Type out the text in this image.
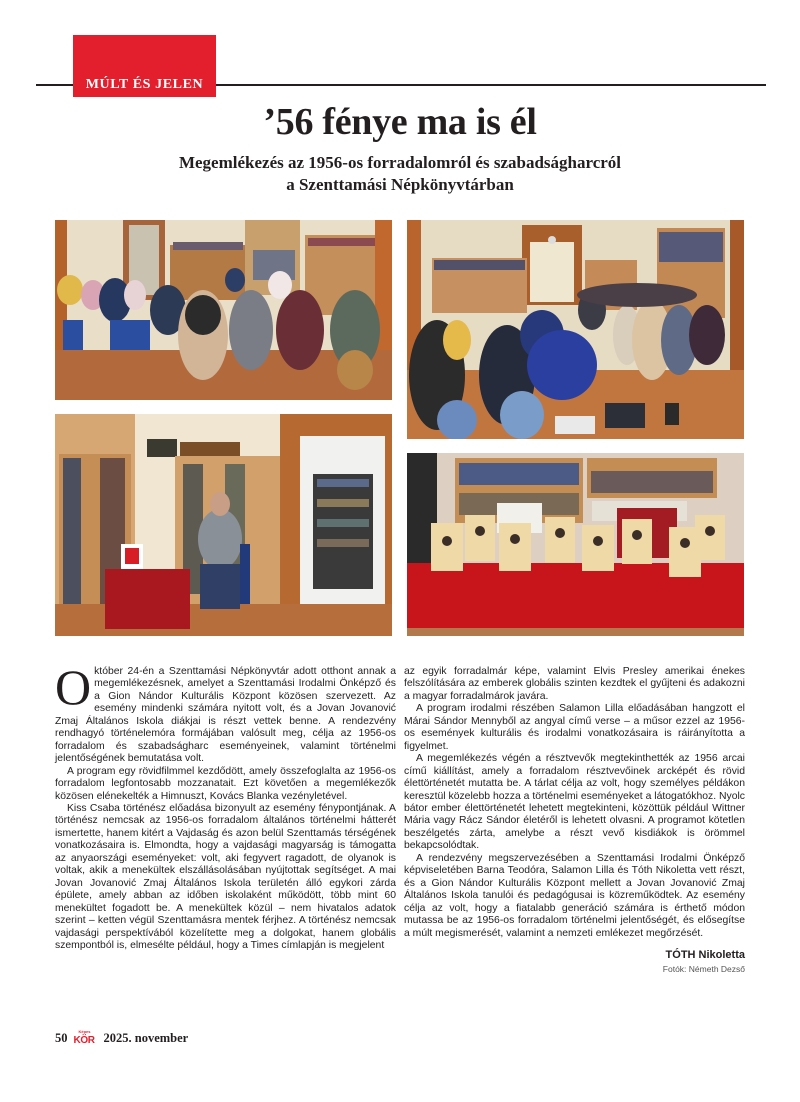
MÚLT ÉS JELEN
’56 fénye ma is él
Megemlékezés az 1956-os forradalomról és szabadságharcról
a Szenttamási Népkönyvtárban

Október 24-én a Szenttamási Népkönyvtár adott otthont annak a megemlékezésnek, amelyet a Szenttamási Irodalmi Önképző és a Gion Nándor Kulturális Központ közösen szervezett. Az esemény mindenki számára nyitott volt, és a Jovan Jovanović Zmaj Általános Iskola diákjai is részt vettek benne. A rendezvény rendhagyó történelemóra formájában valósult meg, célja az 1956-os forradalom és szabadságharc eseményeinek, valamint történelmi jelentőségének bemutatása volt.

A program egy rövidfilmmel kezdődött, amely összefoglalta az 1956-os forradalom legfontosabb mozzanatait. Ezt követően a megemlékezők közösen elénekelték a Himnuszt, Kovács Blanka vezényletével.

Kiss Csaba történész előadása bizonyult az esemény fénypontjának. A történész nemcsak az 1956-os forradalom általános történelmi hátterét ismertette, hanem kitért a Vajdaság és azon belül Szenttamás térségének vonatkozásaira is. Elmondta, hogy a vajdasági magyarság is támogatta az anyaországi eseményeket: volt, aki fegyvert ragadott, de olyanok is voltak, akik a menekültek elszállásolásában nyújtottak segítséget. A mai Jovan Jovanović Zmaj Általános Iskola területén álló egykori zárda épülete, amely abban az időben iskolaként működött, több mint 60 menekültet fogadott be. A menekültek közül – nem hivatalos adatok szerint – ketten végül Szenttamásra mentek férjhez. A történész nemcsak vajdasági perspektívából közelítette meg a dolgokat, hanem globális szempontból is, elmesélte például, hogy a Times címlapján is megjelent

az egyik forradalmár képe, valamint Elvis Presley amerikai énekes felszólítására az emberek globális szinten kezdtek el gyűjteni és adakozni a magyar forradalmárok javára.

A program irodalmi részében Salamon Lilla előadásában hangzott el Márai Sándor Mennyből az angyal című verse – a műsor ezzel az 1956-os események kulturális és irodalmi vonatkozásaira is ráirányította a figyelmet.

A megemlékezés végén a résztvevők megtekinthették az 1956 arcai című kiállítást, amely a forradalom résztvevőinek arcképét és rövid élettörténetét mutatta be. A tárlat célja az volt, hogy személyes példákon keresztül közelebb hozza a történelmi eseményeket a látogatókhoz. Nyolc bátor ember élettörténetét lehetett megtekinteni, közöttük például Wittner Mária vagy Rácz Sándor életéről is lehetett olvasni. A programot kötetlen beszélgetés zárta, amelybe a részt vevő kisdiákok is örömmel bekapcsolódtak.

A rendezvény megszervezésében a Szenttamási Irodalmi Önképző képviseletében Barna Teodóra, Salamon Lilla és Tóth Nikoletta vett részt, és a Gion Nándor Kulturális Központ mellett a Jovan Jovanović Zmaj Általános Iskola tanulói és pedagógusai is közreműködtek. Az esemény célja az volt, hogy a fiatalabb generáció számára is érthető módon mutassa be az 1956-os forradalom történelmi jelentőségét, és elősegítse a múlt megismerését, valamint a nemzeti emlékezet megőrzését.

TÓTH Nikoletta
Fotók: Németh Dezső
50	Képes
KÖR 2025. november
